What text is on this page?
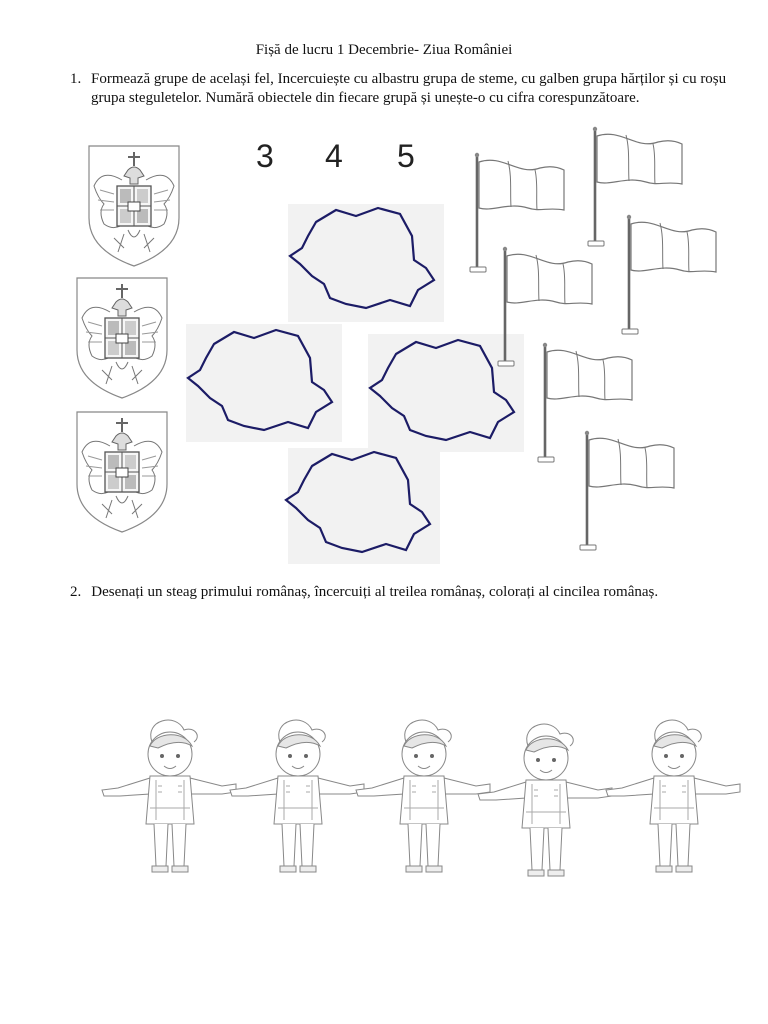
Fișă de lucru 1 Decembrie- Ziua României
1. Formează grupe de același fel, Incercuiește cu albastru grupa de steme, cu galben grupa hărților și cu roșu grupa steguletelor. Numără obiectele din fiecare grupă și unește-o cu cifra corespunzătoare.
3 4 5
2. Desenați un steag primului românaș, încercuiți al treilea românaș, colorați al cincilea românaș.
